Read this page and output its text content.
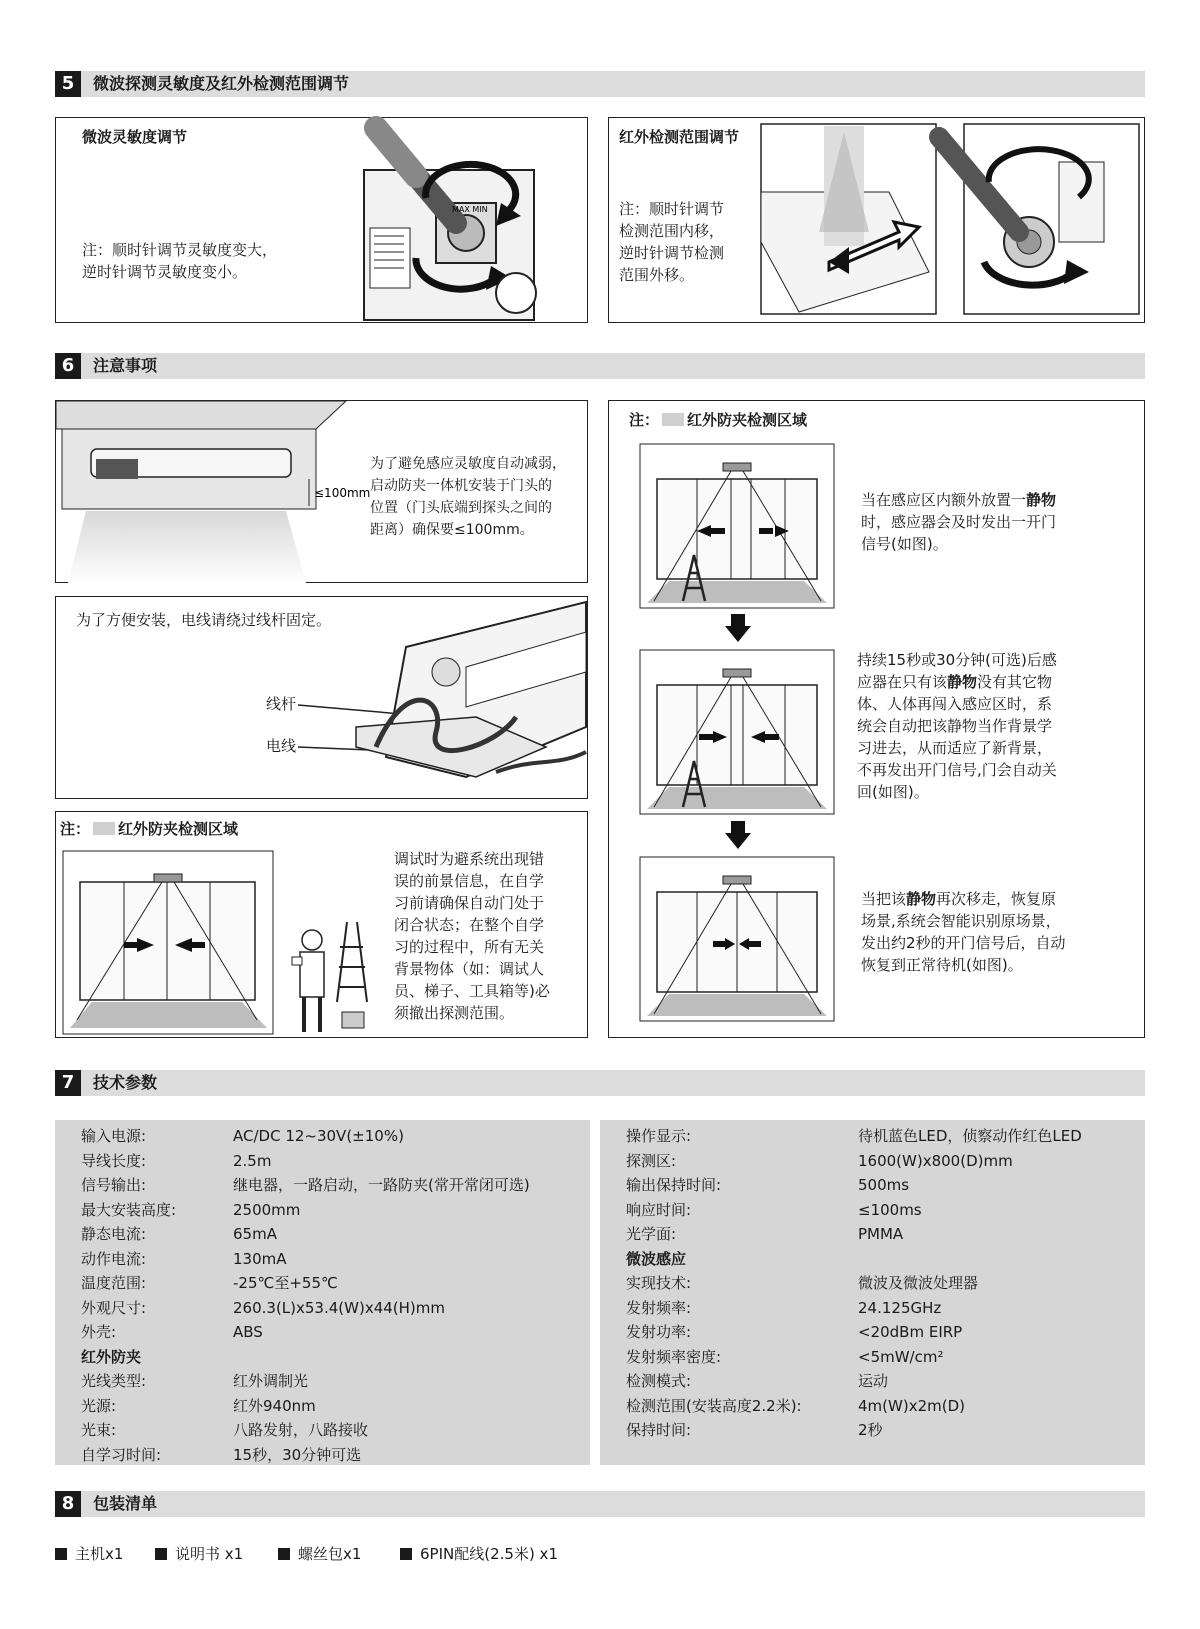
5	微波探测灵敏度及红外检测范围调节
微波灵敏度调节
注：顺时针调节灵敏度变大，
逆时针调节灵敏度变小。
MAX MIN
红外检测范围调节
注：顺时针调节
检测范围内移，
逆时针调节检测
范围外移。
6	注意事项
≤100mm
为了避免感应灵敏度自动减弱，
启动防夹一体机安装于门头的
位置（门头底端到探头之间的
距离）确保要≤100mm。
为了方便安装，电线请绕过线杆固定。
线杆
电线
注： 红外防夹检测区域
调试时为避系统出现错
误的前景信息，在自学
习前请确保自动门处于
闭合状态；在整个自学
习的过程中，所有无关
背景物体（如：调试人
员、梯子、工具箱等)必
须撤出探测范围。
注： 红外防夹检测区域
当在感应区内额外放置一静物
时，感应器会及时发出一开门
信号(如图)。
持续15秒或30分钟(可选)后感
应器在只有该静物没有其它物
体、人体再闯入感应区时，系
统会自动把该静物当作背景学
习进去，从而适应了新背景，
不再发出开门信号,门会自动关
回(如图)。
当把该静物再次移走，恢复原
场景,系统会智能识别原场景，
发出约2秒的开门信号后，自动
恢复到正常待机(如图)。
7	技术参数
输入电源:	AC/DC 12~30V(±10%)
导线长度:	2.5m
信号输出:	继电器，一路启动，一路防夹(常开常闭可选)
最大安装高度:	2500mm
静态电流:	65mA
动作电流:	130mA
温度范围:	-25℃至+55℃
外观尺寸:	260.3(L)x53.4(W)x44(H)mm
外壳:	ABS
红外防夹
光线类型:	红外调制光
光源:	红外940nm
光束:	八路发射，八路接收
自学习时间:	15秒，30分钟可选
操作显示:	待机蓝色LED，侦察动作红色LED
探测区:	1600(W)x800(D)mm
输出保持时间:	500ms
响应时间:	≤100ms
光学面:	PMMA
微波感应
实现技术:	微波及微波处理器
发射频率:	24.125GHz
发射功率:	<20dBm EIRP
发射频率密度:	<5mW/cm²
检测模式:	运动
检测范围(安装高度2.2米):	4m(W)x2m(D)
保持时间:	2秒
8	包装清单
主机x1	说明书 x1	螺丝包x1	6PIN配线(2.5米) x1
